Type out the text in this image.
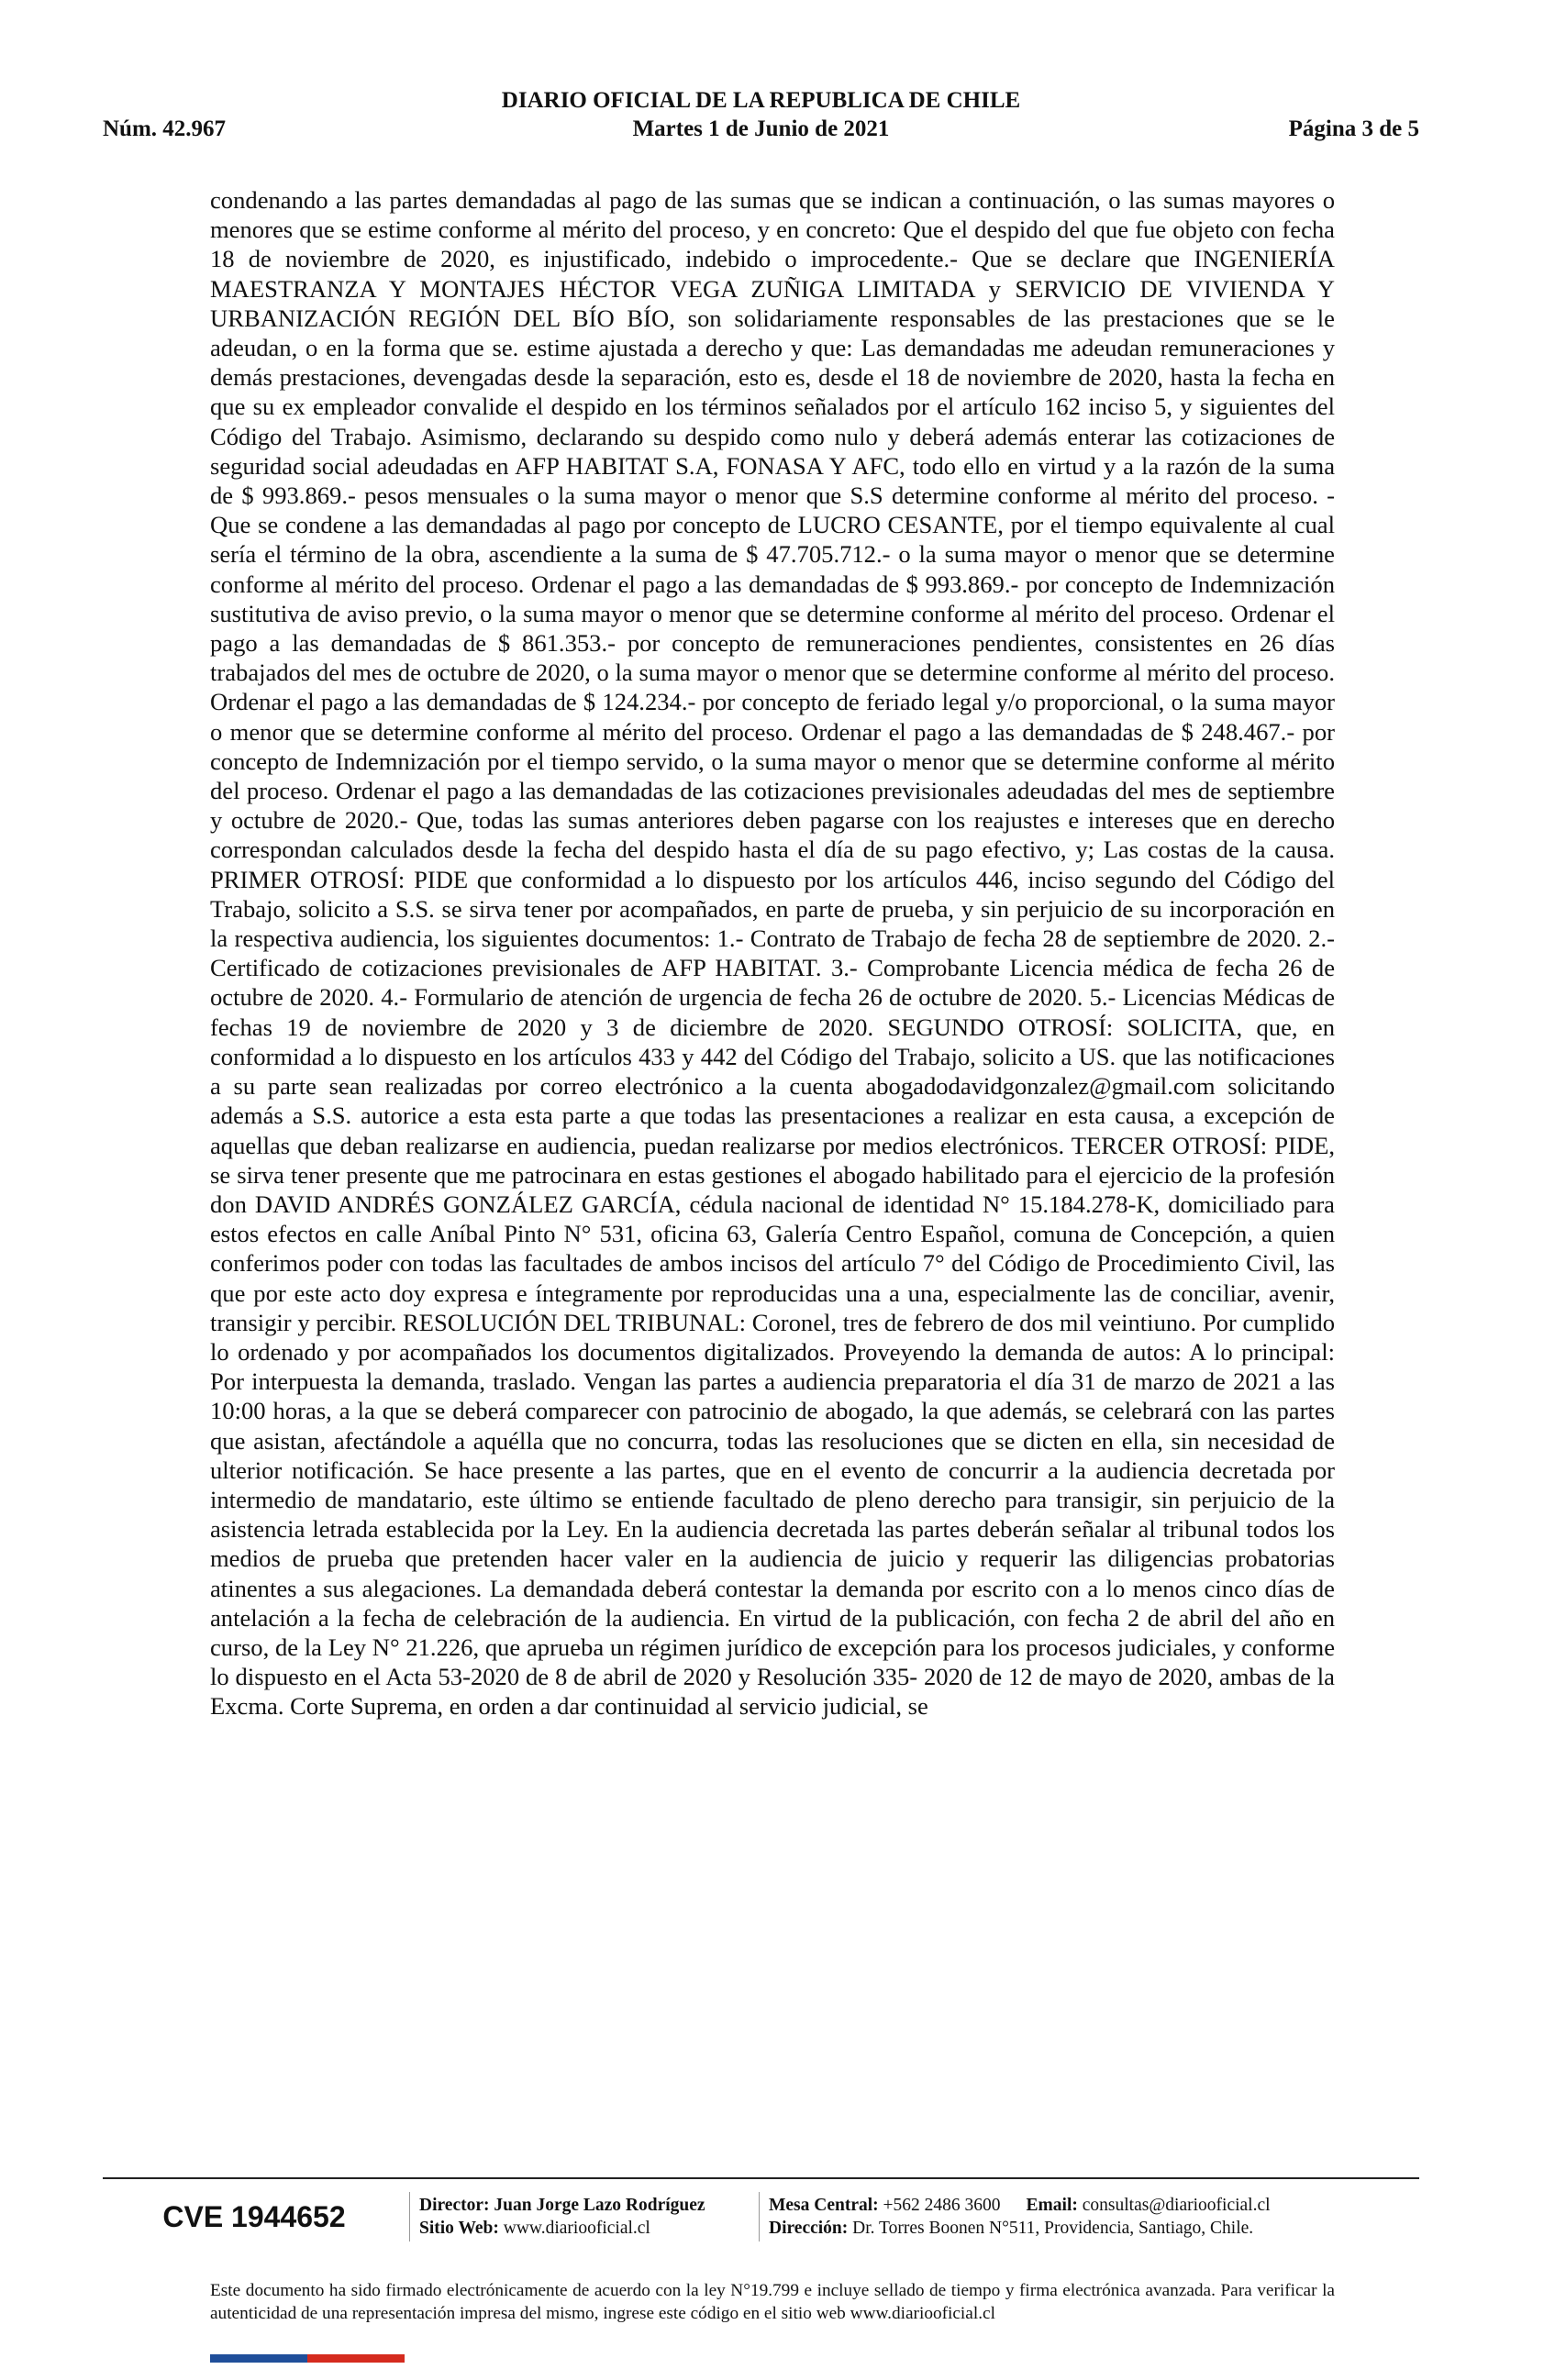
DIARIO OFICIAL DE LA REPUBLICA DE CHILE
Martes 1 de Junio de 2021
Núm. 42.967	Página 3 de 5

condenando a las partes demandadas al pago de las sumas que se indican a continuación, o las sumas mayores o menores que se estime conforme al mérito del proceso, y en concreto: Que el despido del que fue objeto con fecha 18 de noviembre de 2020, es injustificado, indebido o improcedente.- Que se declare que INGENIERÍA MAESTRANZA Y MONTAJES HÉCTOR VEGA ZUÑIGA LIMITADA y SERVICIO DE VIVIENDA Y URBANIZACIÓN REGIÓN DEL BÍO BÍO, son solidariamente responsables de las prestaciones que se le adeudan, o en la forma que se. estime ajustada a derecho y que: Las demandadas me adeudan remuneraciones y demás prestaciones, devengadas desde la separación, esto es, desde el 18 de noviembre de 2020, hasta la fecha en que su ex empleador convalide el despido en los términos señalados por el artículo 162 inciso 5, y siguientes del Código del Trabajo. Asimismo, declarando su despido como nulo y deberá además enterar las cotizaciones de seguridad social adeudadas en AFP HABITAT S.A, FONASA Y AFC, todo ello en virtud y a la razón de la suma de $ 993.869.- pesos mensuales o la suma mayor o menor que S.S determine conforme al mérito del proceso. - Que se condene a las demandadas al pago por concepto de LUCRO CESANTE, por el tiempo equivalente al cual sería el término de la obra, ascendiente a la suma de $ 47.705.712.- o la suma mayor o menor que se determine conforme al mérito del proceso. Ordenar el pago a las demandadas de $ 993.869.- por concepto de Indemnización sustitutiva de aviso previo, o la suma mayor o menor que se determine conforme al mérito del proceso. Ordenar el pago a las demandadas de $ 861.353.- por concepto de remuneraciones pendientes, consistentes en 26 días trabajados del mes de octubre de 2020, o la suma mayor o menor que se determine conforme al mérito del proceso. Ordenar el pago a las demandadas de $ 124.234.- por concepto de feriado legal y/o proporcional, o la suma mayor o menor que se determine conforme al mérito del proceso. Ordenar el pago a las demandadas de $ 248.467.- por concepto de Indemnización por el tiempo servido, o la suma mayor o menor que se determine conforme al mérito del proceso. Ordenar el pago a las demandadas de las cotizaciones previsionales adeudadas del mes de septiembre y octubre de 2020.- Que, todas las sumas anteriores deben pagarse con los reajustes e intereses que en derecho correspondan calculados desde la fecha del despido hasta el día de su pago efectivo, y; Las costas de la causa. PRIMER OTROSÍ: PIDE que conformidad a lo dispuesto por los artículos 446, inciso segundo del Código del Trabajo, solicito a S.S. se sirva tener por acompañados, en parte de prueba, y sin perjuicio de su incorporación en la respectiva audiencia, los siguientes documentos: 1.- Contrato de Trabajo de fecha 28 de septiembre de 2020. 2.- Certificado de cotizaciones previsionales de AFP HABITAT. 3.- Comprobante Licencia médica de fecha 26 de octubre de 2020. 4.- Formulario de atención de urgencia de fecha 26 de octubre de 2020. 5.- Licencias Médicas de fechas 19 de noviembre de 2020 y 3 de diciembre de 2020. SEGUNDO OTROSÍ: SOLICITA, que, en conformidad a lo dispuesto en los artículos 433 y 442 del Código del Trabajo, solicito a US. que las notificaciones a su parte sean realizadas por correo electrónico a la cuenta abogadodavidgonzalez@gmail.com solicitando además a S.S. autorice a esta esta parte a que todas las presentaciones a realizar en esta causa, a excepción de aquellas que deban realizarse en audiencia, puedan realizarse por medios electrónicos. TERCER OTROSÍ: PIDE, se sirva tener presente que me patrocinara en estas gestiones el abogado habilitado para el ejercicio de la profesión don DAVID ANDRÉS GONZÁLEZ GARCÍA, cédula nacional de identidad N° 15.184.278-K, domiciliado para estos efectos en calle Aníbal Pinto N° 531, oficina 63, Galería Centro Español, comuna de Concepción, a quien conferimos poder con todas las facultades de ambos incisos del artículo 7° del Código de Procedimiento Civil, las que por este acto doy expresa e íntegramente por reproducidas una a una, especialmente las de conciliar, avenir, transigir y percibir. RESOLUCIÓN DEL TRIBUNAL: Coronel, tres de febrero de dos mil veintiuno. Por cumplido lo ordenado y por acompañados los documentos digitalizados. Proveyendo la demanda de autos: A lo principal: Por interpuesta la demanda, traslado. Vengan las partes a audiencia preparatoria el día 31 de marzo de 2021 a las 10:00 horas, a la que se deberá comparecer con patrocinio de abogado, la que además, se celebrará con las partes que asistan, afectándole a aquélla que no concurra, todas las resoluciones que se dicten en ella, sin necesidad de ulterior notificación. Se hace presente a las partes, que en el evento de concurrir a la audiencia decretada por intermedio de mandatario, este último se entiende facultado de pleno derecho para transigir, sin perjuicio de la asistencia letrada establecida por la Ley. En la audiencia decretada las partes deberán señalar al tribunal todos los medios de prueba que pretenden hacer valer en la audiencia de juicio y requerir las diligencias probatorias atinentes a sus alegaciones. La demandada deberá contestar la demanda por escrito con a lo menos cinco días de antelación a la fecha de celebración de la audiencia. En virtud de la publicación, con fecha 2 de abril del año en curso, de la Ley N° 21.226, que aprueba un régimen jurídico de excepción para los procesos judiciales, y conforme lo dispuesto en el Acta 53-2020 de 8 de abril de 2020 y Resolución 335- 2020 de 12 de mayo de 2020, ambas de la Excma. Corte Suprema, en orden a dar continuidad al servicio judicial, se

CVE 1944652	Director: Juan Jorge Lazo Rodríguez
Sitio Web: www.diariooficial.cl
Mesa Central: +562 2486 3600 Email: consultas@diariooficial.cl
Dirección: Dr. Torres Boonen N°511, Providencia, Santiago, Chile.
Este documento ha sido firmado electrónicamente de acuerdo con la ley N°19.799 e incluye sellado de tiempo y firma electrónica avanzada. Para verificar la autenticidad de una representación impresa del mismo, ingrese este código en el sitio web www.diariooficial.cl
